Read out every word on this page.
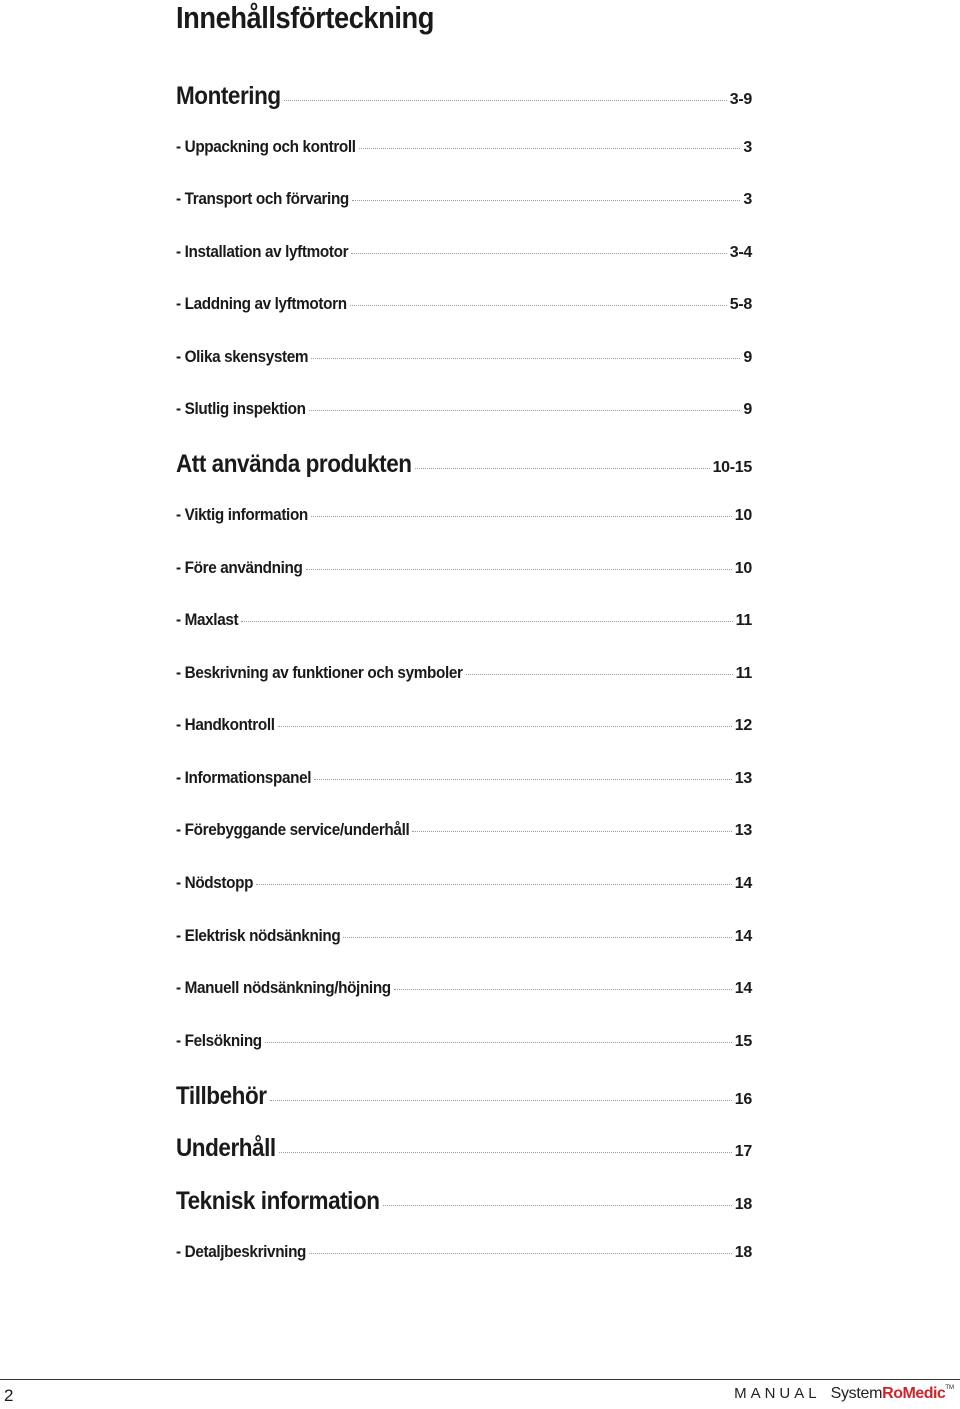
Innehållsförteckning
Montering	3-9
- Uppackning och kontroll	3
- Transport och förvaring	3
- Installation av lyftmotor	3-4
- Laddning av lyftmotorn	5-8
- Olika skensystem	9
- Slutlig inspektion	9
Att använda produkten	10-15
- Viktig information	10
- Före användning	10
- Maxlast	11
- Beskrivning av funktioner och symboler	11
- Handkontroll	12
- Informationspanel	13
- Förebyggande service/underhåll	13
- Nödstopp	14
- Elektrisk nödsänkning	14
- Manuell nödsänkning/höjning	14
- Felsökning	15
Tillbehör	16
Underhåll	17
Teknisk information	18
- Detaljbeskrivning	18
2	MANUAL SystemRoMedic™
